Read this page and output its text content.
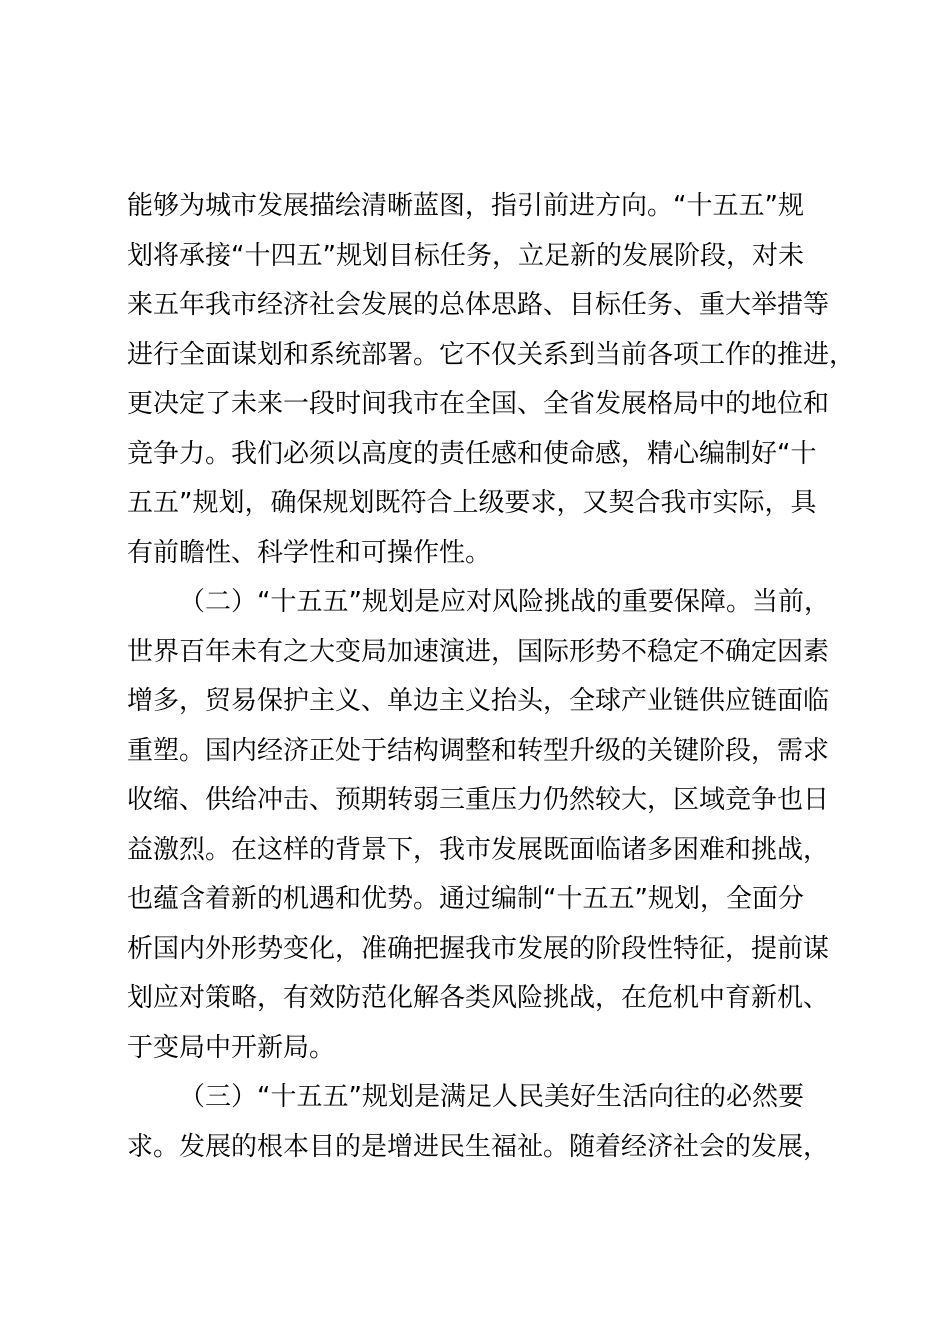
能够为城市发展描绘清晰蓝图，指引前进方向。“十五五”规
划将承接“十四五”规划目标任务，立足新的发展阶段，对未
来五年我市经济社会发展的总体思路、目标任务、重大举措等
进行全面谋划和系统部署。它不仅关系到当前各项工作的推进，
更决定了未来一段时间我市在全国、全省发展格局中的地位和
竞争力。我们必须以高度的责任感和使命感，精心编制好“十
五五”规划，确保规划既符合上级要求，又契合我市实际，具
有前瞻性、科学性和可操作性。
（二）“十五五”规划是应对风险挑战的重要保障。当前，
世界百年未有之大变局加速演进，国际形势不稳定不确定因素
增多，贸易保护主义、单边主义抬头，全球产业链供应链面临
重塑。国内经济正处于结构调整和转型升级的关键阶段，需求
收缩、供给冲击、预期转弱三重压力仍然较大，区域竞争也日
益激烈。在这样的背景下，我市发展既面临诸多困难和挑战，
也蕴含着新的机遇和优势。通过编制“十五五”规划，全面分
析国内外形势变化，准确把握我市发展的阶段性特征，提前谋
划应对策略，有效防范化解各类风险挑战，在危机中育新机、
于变局中开新局。
（三）“十五五”规划是满足人民美好生活向往的必然要
求。发展的根本目的是增进民生福祉。随着经济社会的发展，
